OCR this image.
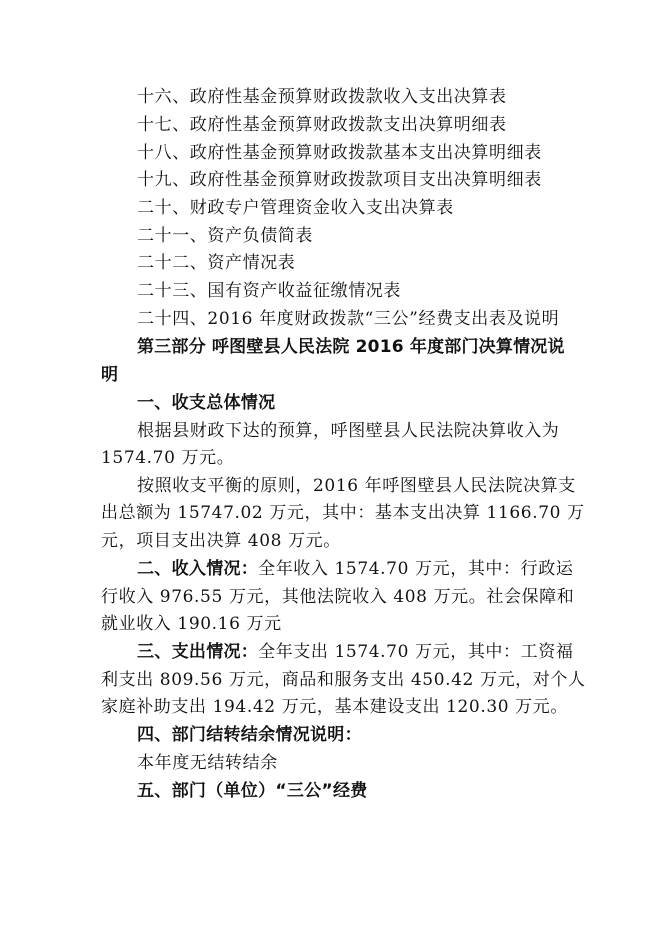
十六、政府性基金预算财政拨款收入支出决算表
十七、政府性基金预算财政拨款支出决算明细表
十八、政府性基金预算财政拨款基本支出决算明细表
十九、政府性基金预算财政拨款项目支出决算明细表
二十、财政专户管理资金收入支出决算表
二十一、资产负债简表
二十二、资产情况表
二十三、国有资产收益征缴情况表
二十四、2016 年度财政拨款“三公”经费支出表及说明
第三部分 呼图壁县人民法院 2016 年度部门决算情况说
明
一、收支总体情况
根据县财政下达的预算，呼图壁县人民法院决算收入为
1574.70 万元。
按照收支平衡的原则，2016 年呼图壁县人民法院决算支
出总额为 15747.02 万元，其中：基本支出决算 1166.70 万
元，项目支出决算 408 万元。
二、收入情况：全年收入 1574.70 万元，其中：行政运
行收入 976.55 万元，其他法院收入 408 万元。社会保障和
就业收入 190.16 万元
三、支出情况：全年支出 1574.70 万元，其中：工资福
利支出 809.56 万元，商品和服务支出 450.42 万元，对个人
家庭补助支出 194.42 万元，基本建设支出 120.30 万元。
四、部门结转结余情况说明：
本年度无结转结余
五、部门（单位）“三公”经费
